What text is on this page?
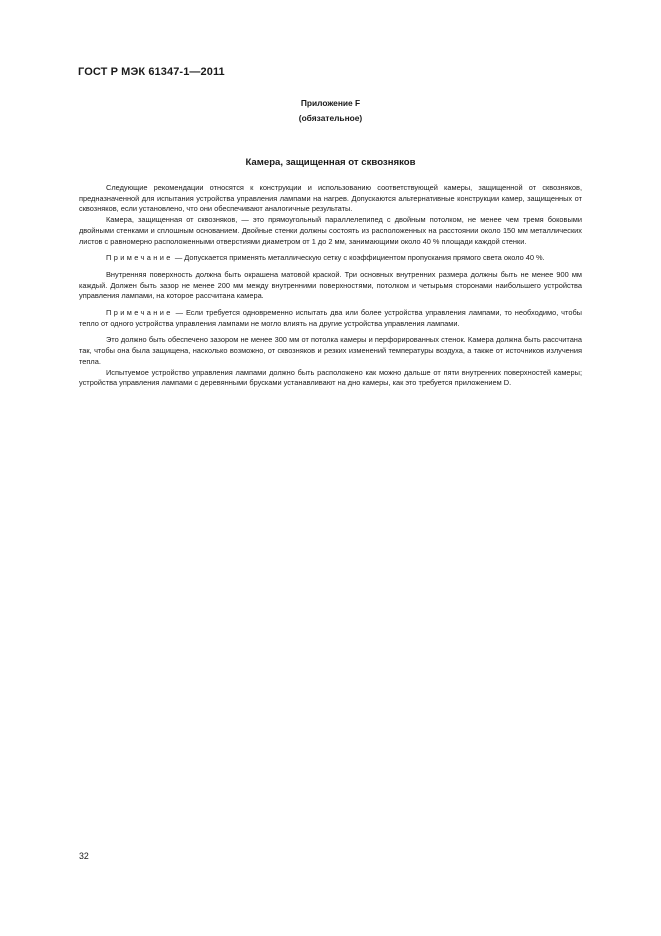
ГОСТ Р МЭК 61347-1—2011
Приложение F
(обязательное)
Камера, защищенная от сквозняков

Следующие рекомендации относятся к конструкции и использованию соответствующей камеры, защищенной от сквозняков, предназначенной для испытания устройства управления лампами на нагрев. Допускаются альтернативные конструкции камер, защищенных от сквозняков, если установлено, что они обеспечивают аналогичные результаты.

Камера, защищенная от сквозняков, — это прямоугольный параллелепипед с двойным потолком, не менее чем тремя боковыми двойными стенками и сплошным основанием. Двойные стенки должны состоять из расположенных на расстоянии около 150 мм металлических листов с равномерно расположенными отверстиями диаметром от 1 до 2 мм, занимающими около 40 % площади каждой стенки.

Примечание — Допускается применять металлическую сетку с коэффициентом пропускания прямого света около 40 %.

Внутренняя поверхность должна быть окрашена матовой краской. Три основных внутренних размера должны быть не менее 900 мм каждый. Должен быть зазор не менее 200 мм между внутренними поверхностями, потолком и четырьмя сторонами наибольшего устройства управления лампами, на которое рассчитана камера.

Примечание — Если требуется одновременно испытать два или более устройства управления лампами, то необходимо, чтобы тепло от одного устройства управления лампами не могло влиять на другие устройства управления лампами.

Это должно быть обеспечено зазором не менее 300 мм от потолка камеры и перфорированных стенок. Камера должна быть рассчитана так, чтобы она была защищена, насколько возможно, от сквозняков и резких изменений температуры воздуха, а также от источников излучения тепла.

Испытуемое устройство управления лампами должно быть расположено как можно дальше от пяти внутренних поверхностей камеры; устройства управления лампами с деревянными брусками устанавливают на дно камеры, как это требуется приложением D.

32
